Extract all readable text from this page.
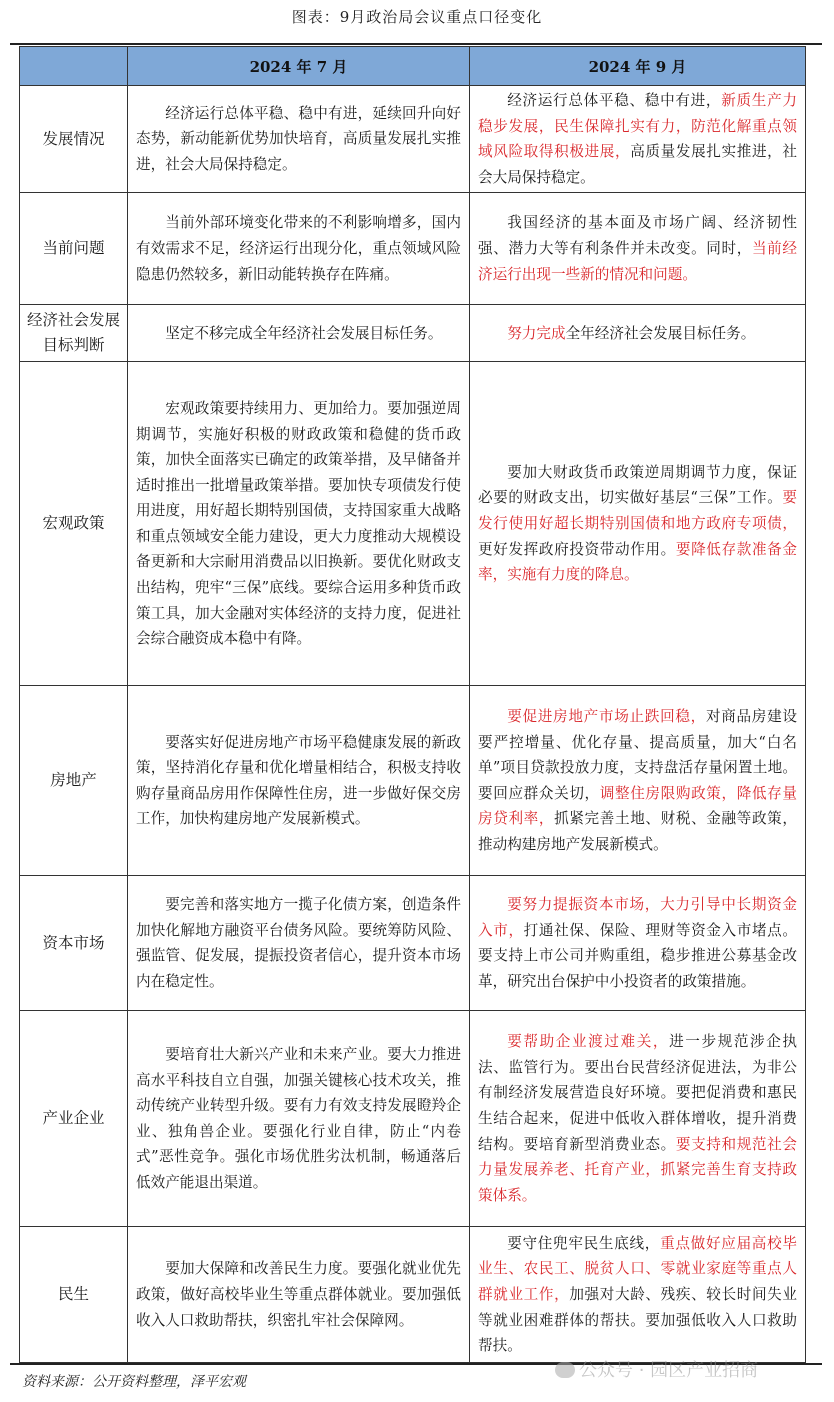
图表：9月政治局会议重点口径变化
	2024 年 7 月	2024 年 9 月
发展情况	经济运行总体平稳、稳中有进，延续回升向好态势，新动能新优势加快培育，高质量发展扎实推进，社会大局保持稳定。	经济运行总体平稳、稳中有进，新质生产力稳步发展，民生保障扎实有力，防范化解重点领域风险取得积极进展，高质量发展扎实推进，社会大局保持稳定。
当前问题	当前外部环境变化带来的不利影响增多，国内有效需求不足，经济运行出现分化，重点领域风险隐患仍然较多，新旧动能转换存在阵痛。	我国经济的基本面及市场广阔、经济韧性强、潜力大等有利条件并未改变。同时，当前经济运行出现一些新的情况和问题。
经济社会发展目标判断	坚定不移完成全年经济社会发展目标任务。	努力完成全年经济社会发展目标任务。
宏观政策	宏观政策要持续用力、更加给力。要加强逆周期调节，实施好积极的财政政策和稳健的货币政策，加快全面落实已确定的政策举措，及早储备并适时推出一批增量政策举措。要加快专项债发行使用进度，用好超长期特别国债，支持国家重大战略和重点领域安全能力建设，更大力度推动大规模设备更新和大宗耐用消费品以旧换新。要优化财政支出结构，兜牢“三保”底线。要综合运用多种货币政策工具，加大金融对实体经济的支持力度，促进社会综合融资成本稳中有降。	要加大财政货币政策逆周期调节力度，保证必要的财政支出，切实做好基层“三保”工作。要发行使用好超长期特别国债和地方政府专项债，更好发挥政府投资带动作用。要降低存款准备金率，实施有力度的降息。
房地产	要落实好促进房地产市场平稳健康发展的新政策，坚持消化存量和优化增量相结合，积极支持收购存量商品房用作保障性住房，进一步做好保交房工作，加快构建房地产发展新模式。	要促进房地产市场止跌回稳，对商品房建设要严控增量、优化存量、提高质量，加大“白名单”项目贷款投放力度，支持盘活存量闲置土地。要回应群众关切，调整住房限购政策，降低存量房贷利率，抓紧完善土地、财税、金融等政策，推动构建房地产发展新模式。
资本市场	要完善和落实地方一揽子化债方案，创造条件加快化解地方融资平台债务风险。要统筹防风险、强监管、促发展，提振投资者信心，提升资本市场内在稳定性。	要努力提振资本市场，大力引导中长期资金入市，打通社保、保险、理财等资金入市堵点。要支持上市公司并购重组，稳步推进公募基金改革，研究出台保护中小投资者的政策措施。
产业企业	要培育壮大新兴产业和未来产业。要大力推进高水平科技自立自强，加强关键核心技术攻关，推动传统产业转型升级。要有力有效支持发展瞪羚企业、独角兽企业。要强化行业自律，防止“内卷式”恶性竞争。强化市场优胜劣汰机制，畅通落后低效产能退出渠道。	要帮助企业渡过难关，进一步规范涉企执法、监管行为。要出台民营经济促进法，为非公有制经济发展营造良好环境。要把促消费和惠民生结合起来，促进中低收入群体增收，提升消费结构。要培育新型消费业态。要支持和规范社会力量发展养老、托育产业，抓紧完善生育支持政策体系。
民生	要加大保障和改善民生力度。要强化就业优先政策，做好高校毕业生等重点群体就业。要加强低收入人口救助帮扶，织密扎牢社会保障网。	要守住兜牢民生底线，重点做好应届高校毕业生、农民工、脱贫人口、零就业家庭等重点人群就业工作，加强对大龄、残疾、较长时间失业等就业困难群体的帮扶。要加强低收入人口救助帮扶。
资料来源：公开资料整理，泽平宏观
公众号 · 园区产业招商
